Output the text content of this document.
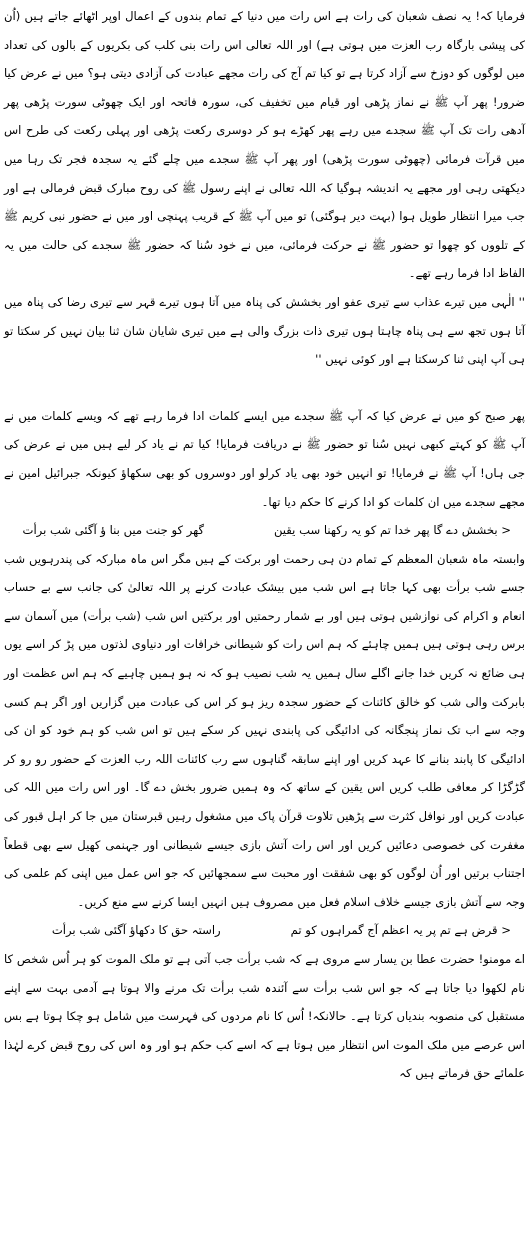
فرمایا کہ! یہ نصف شعبان کی رات ہے اس رات میں دنیا کے تمام بندوں کے اعمال اوپر اٹھائے جاتے ہیں (اُن کی پیشی بارگاہ رب العزت میں ہوتی ہے) اور اللہ تعالی اس رات بنی کلب کی بکریوں کے بالوں کی تعداد میں لوگوں کو دوزخ سے آزاد کرتا ہے تو کیا تم آج کی رات مجھے عبادت کی آزادی دیتی ہو؟ میں نے عرض کیا ضرور! پھر آپ ﷺ نے نماز پڑھی اور قیام میں تخفیف کی، سورہ فاتحہ اور ایک چھوٹی سورت پڑھی پھر آدھی رات تک آپ ﷺ سجدے میں رہے پھر کھڑے ہو کر دوسری رکعت پڑھی اور پہلی رکعت کی طرح اس میں قرآت فرمائی (چھوٹی سورت پڑھی) اور پھر آپ ﷺ سجدے میں چلے گئے یہ سجدہ فجر تک رہا میں دیکھتی رہی اور مجھے یہ اندیشہ ہوگیا کہ اللہ تعالی نے اپنے رسول ﷺ کی روح مبارک قبض فرمالی ہے اور جب میرا انتظار طویل ہوا (بہت دیر ہوگئی) تو میں آپ ﷺ کے قریب پہنچی اور میں نے حضور نبی کریم ﷺ کے تلووں کو چھوا تو حضور ﷺ نے حرکت فرمائی، میں نے خود سُنا کہ حضور ﷺ سجدے کی حالت میں یہ الفاظ ادا فرما رہے تھے۔

'' الٰہی میں تیرے عذاب سے تیری عفو اور بخشش کی پناہ میں آتا ہوں تیرے قہر سے تیری رضا کی پناہ میں آتا ہوں تجھ سے ہی پناہ چاہتا ہوں تیری ذات بزرگ والی ہے میں تیری شایان شان ثنا بیان نہیں کر سکتا تو ہی آپ اپنی ثنا کرسکتا ہے اور کوئی نہیں ''

پھر صبح کو میں نے عرض کیا کہ آپ ﷺ سجدے میں ایسے کلمات ادا فرما رہے تھے کہ ویسے کلمات میں نے آپ ﷺ کو کہتے کبھی نہیں سُنا تو حضور ﷺ نے دریافت فرمایا! کیا تم نے یاد کر لیے ہیں میں نے عرض کی جی ہاں! آپ ﷺ نے فرمایا! تو انہیں خود بھی یاد کرلو اور دوسروں کو بھی سکھاؤ کیونکہ جبرائیل امین نے مجھے سجدے میں ان کلمات کو ادا کرنے کا حکم دیا تھا۔

< بخشش دے گا پھر خدا تم کو یہ رکھنا سب یقین
گھر کو جنت میں بنا ؤ آگئی شب برأت

وابستہ ماہ شعبان المعظم کے تمام دن ہی رحمت اور برکت کے ہیں مگر اس ماہ مبارکہ کی پندرہویں شب جسے شب برأت بھی کہا جاتا ہے اس شب میں بیشک عبادت کرنے پر اللہ تعالیٰ کی جانب سے بے حساب انعام و اکرام کی نوازشیں ہوتی ہیں اور بے شمار رحمتیں اور برکتیں اس شب (شب برأت) میں آسمان سے برس رہی ہوتی ہیں ہمیں چاہئے کہ ہم اس رات کو شیطانی خرافات اور دنیاوی لذتوں میں پڑ کر اسے یوں ہی ضائع نہ کریں خدا جانے اگلے سال ہمیں یہ شب نصیب ہو کہ نہ ہو ہمیں چاہیے کہ ہم اس عظمت اور بابرکت والی شب کو خالق کائنات کے حضور سجدہ ریز ہو کر اس کی عبادت میں گزاریں اور اگر ہم کسی وجہ سے اب تک نماز پنجگانہ کی ادائیگی کی پابندی نہیں کر سکے ہیں تو اس شب کو ہم خود کو ان کی ادائیگی کا پابند بنانے کا عہد کریں اور اپنے سابقہ گناہوں سے رب کائنات اللہ رب العزت کے حضور رو رو کر گڑگڑا کر معافی طلب کریں اس یقین کے ساتھ کہ وہ ہمیں ضرور بخش دے گا۔ اور اس رات میں اللہ کی عبادت کریں اور نوافل کثرت سے پڑھیں تلاوت قرآن پاک میں مشغول رہیں قبرستان میں جا کر اہل قبور کی مغفرت کی خصوصی دعائیں کریں اور اس رات آتش بازی جیسے شیطانی اور جہنمی کھیل سے بھی قطعاً اجتناب برتیں اور اُن لوگوں کو بھی شفقت اور محبت سے سمجھائیں کہ جو اس عمل میں اپنی کم علمی کی وجہ سے آتش بازی جیسے خلاف اسلام فعل میں مصروف ہیں انہیں ایسا کرنے سے منع کریں۔

< قرض ہے تم پر یہ اعظم آج گمراہوں کو تم
راستہ حق کا دکھاؤ آگئی شب برأت

اے مومنو! حضرت عطا بن یسار سے مروی ہے کہ شب برأت جب آتی ہے تو ملک الموت کو ہر اُس شخص کا نام لکھوا دیا جاتا ہے کہ جو اس شب برأت سے آئندہ شب برأت تک مرنے والا ہوتا ہے آدمی بہت سے اپنے مستقبل کی منصوبہ بندیاں کرتا ہے۔ حالانکہ! اُس کا نام مردوں کی فہرست میں شامل ہو چکا ہوتا ہے بس اس عرصے میں ملک الموت اس انتظار میں ہوتا ہے کہ اسے کب حکم ہو اور وہ اس کی روح قبض کرے لہٰذا علمائے حق فرماتے ہیں کہ
